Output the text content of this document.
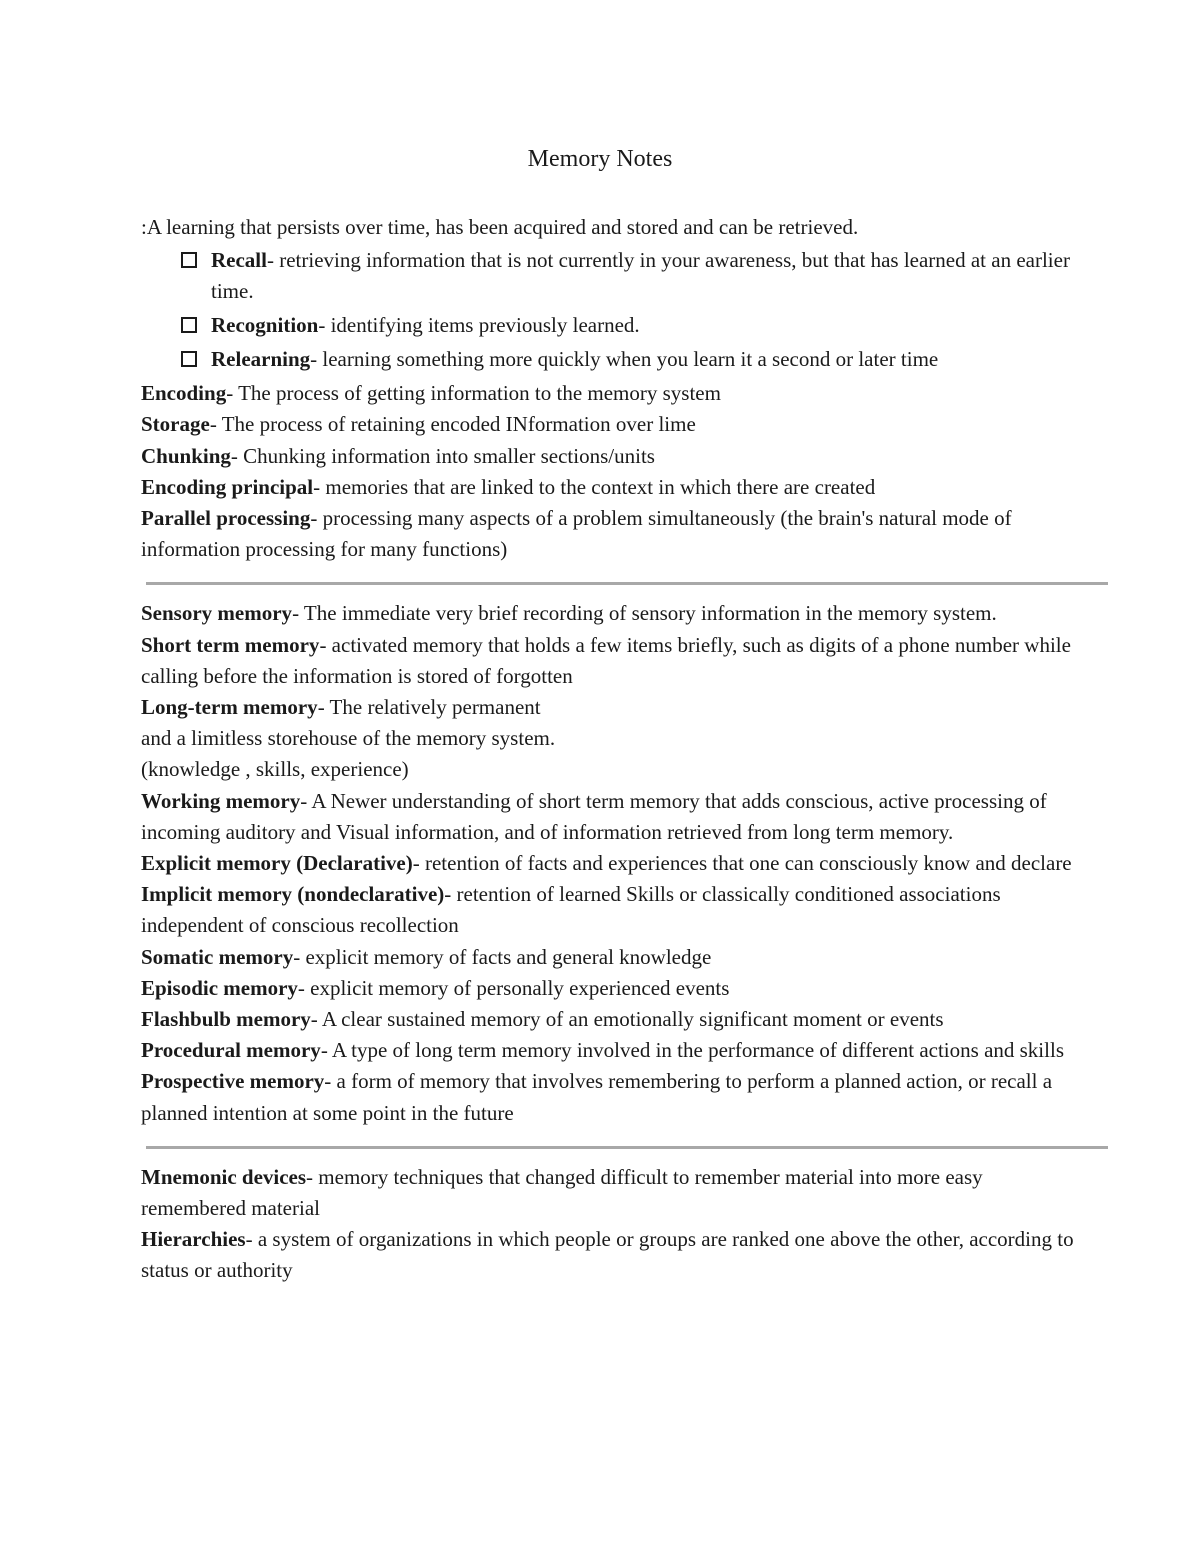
Memory Notes

:A learning that persists over time, has been acquired and stored and can be retrieved.

Recall- retrieving information that is not currently in your awareness, but that has learned at an earlier time.
Recognition- identifying items previously learned.
Relearning- learning something more quickly when you learn it a second or later time

Encoding- The process of getting information to the memory system

Storage- The process of retaining encoded INformation over lime

Chunking- Chunking information into smaller sections/units

Encoding principal- memories that are linked to the context in which there are created

Parallel processing- processing many aspects of a problem simultaneously (the brain's natural mode of information processing for many functions)

Sensory memory- The immediate very brief recording of sensory information in the memory system.

Short term memory- activated memory that holds a few items briefly, such as digits of a phone number while calling before the information is stored of forgotten

Long-term memory- The relatively permanent

and a limitless storehouse of the memory system.

(knowledge , skills, experience)

Working memory- A Newer understanding of short term memory that adds conscious, active processing of incoming auditory and Visual information, and of information retrieved from long term memory.

Explicit memory (Declarative)- retention of facts and experiences that one can consciously know and declare

Implicit memory (nondeclarative)- retention of learned Skills or classically conditioned associations independent of conscious recollection

Somatic memory- explicit memory of facts and general knowledge

Episodic memory- explicit memory of personally experienced events

Flashbulb memory- A clear sustained memory of an emotionally significant moment or events

Procedural memory- A type of long term memory involved in the performance of different actions and skills

Prospective memory- a form of memory that involves remembering to perform a planned action, or recall a planned intention at some point in the future

Mnemonic devices- memory techniques that changed difficult to remember material into more easy remembered material

Hierarchies- a system of organizations in which people or groups are ranked one above the other, according to status or authority
